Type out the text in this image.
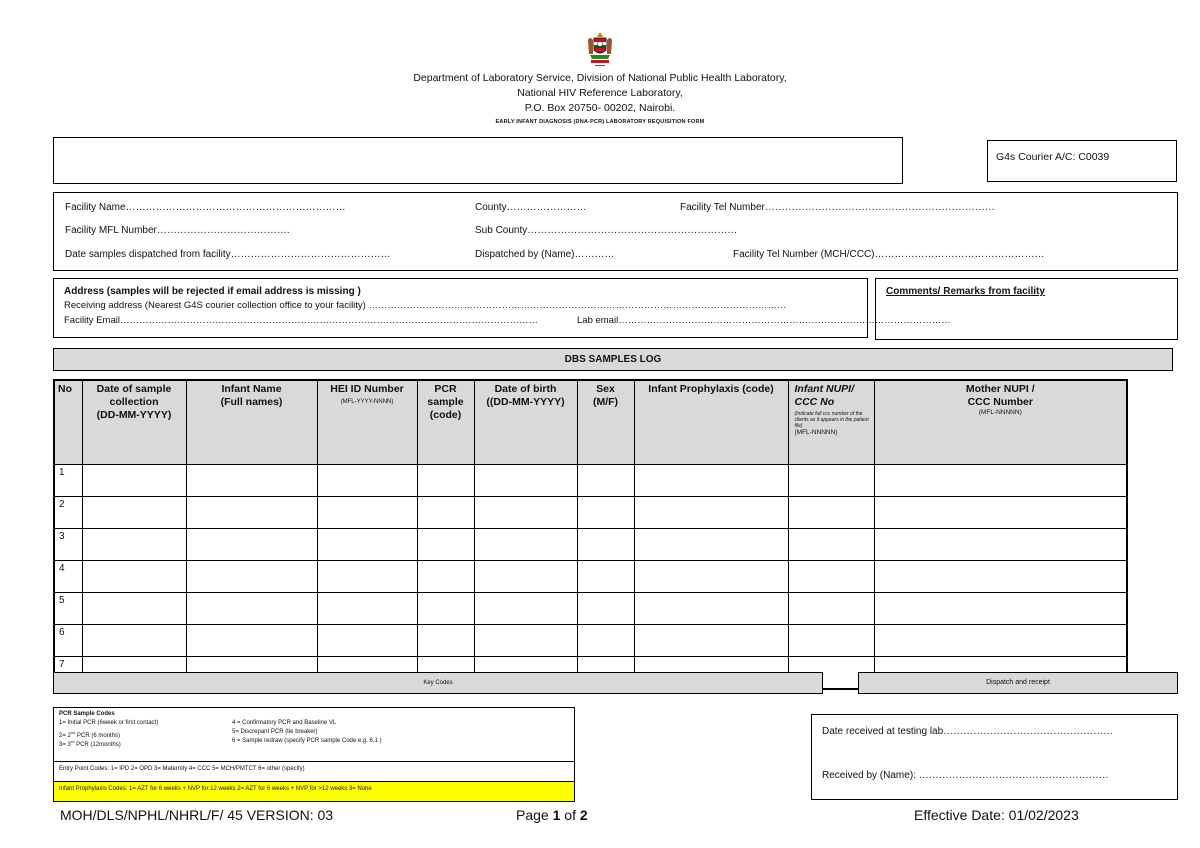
Department of Laboratory Service, Division of National Public Health Laboratory,
National HIV Reference Laboratory,
P.O. Box 20750- 00202, Nairobi.
EARLY INFANT DIAGNOSIS (DNA-PCR) LABORATORY REQUISITION FORM
G4s Courier A/C: C0039
Facility Name…………………………………………………………	County……………………	Facility Tel Number……………………………………………………………
Facility MFL Number………………………………….	Sub County………………………………………………………
Date samples dispatched from facility…………………………………………	Dispatched by (Name)…………	Facility Tel Number (MCH/CCC)……………………………………………
Address (samples will be rejected if email address is missing )
Receiving address (Nearest G4S courier collection office to your facility) ……………………………………………………………………………………………………………………
Facility Email……………………………………………………………………………………………………………………	Lab email……………………………………………………………………………………………
Comments/ Remarks from facility
DBS SAMPLES LOG
No	Date of sample
collection
(DD-MM-YYYY)	Infant Name
(Full names)	HEI ID Number
(MFL-YYYY-NNNN)	PCR
sample
(code)	Date of birth
((DD-MM-YYYY)	Sex
(M/F)	Infant Prophylaxis (code)	Infant NUPI/
CCC No
(Indicate full ccc number of the clients as it appears in the patient file)
(MFL-NNNNN)	Mother NUPI /
CCC Number
(MFL-NNNNN)

1									
2									
3									
4									
5									
6									
7									
Key Codes	Dispatch and receipt
PCR Sample Codes
1= Initial PCR (6week or first contact)	4 = Confirmatory PCR and Baseline VL
2= 2nd PCR (6 months)
5= Discrepant PCR (tie breaker)
3= 3rd PCR (12months)
6 = Sample redraw (specify PCR sample Code e.g. 6,1 )
Entry Point Codes: 1= IPD 2= OPD 3= Maternity 4= CCC 5= MCH/PMTCT 6= other (specify)
Infant Prophylaxis Codes: 1= AZT for 6 weeks + NVP for 12 weeks 2= AZT for 6 weeks + NVP for >12 weeks 3= None
Date received at testing lab……………………………………………
Received by (Name): …………………………………………………
MOH/DLS/NPHL/NHRL/F/ 45 VERSION: 03	Page 1 of 2	Effective Date: 01/02/2023
